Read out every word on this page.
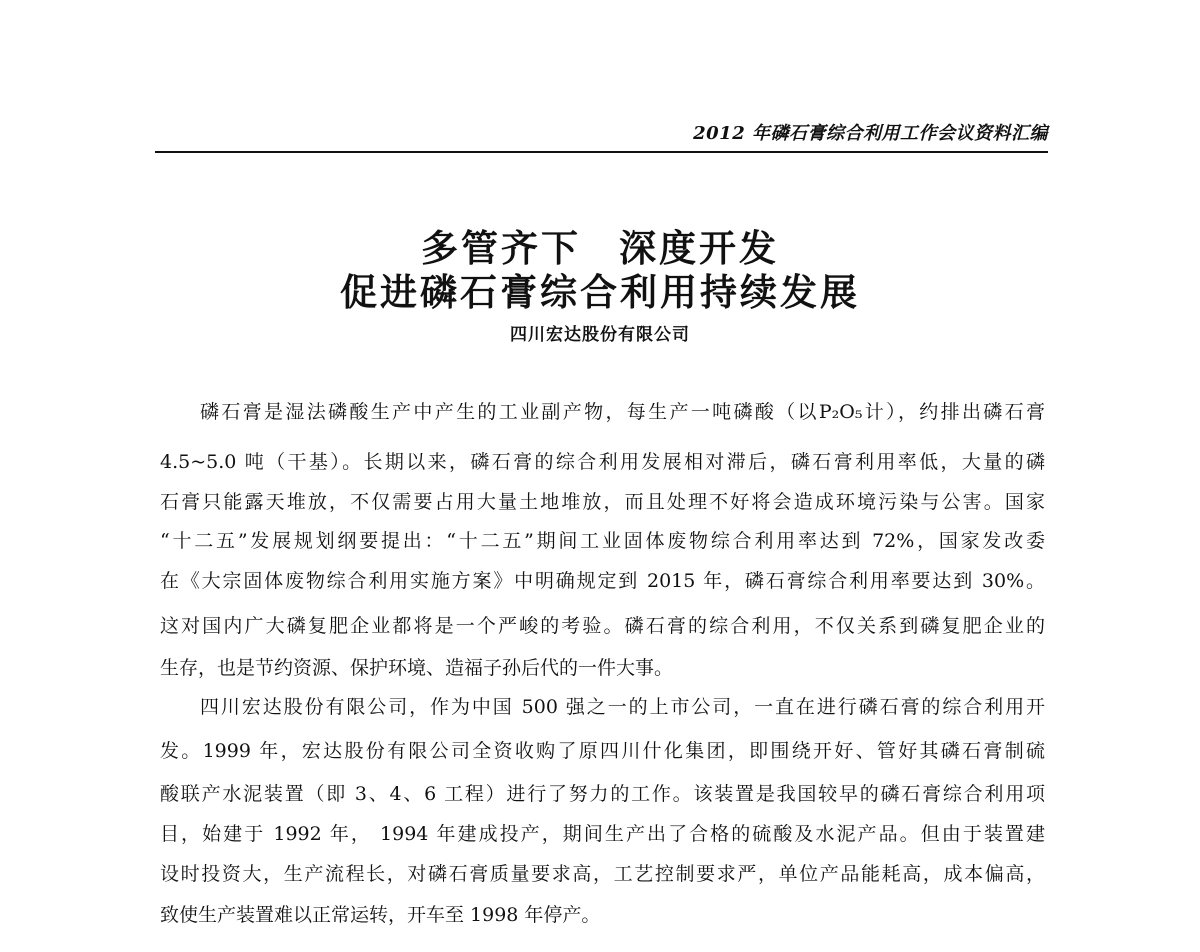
2012 年磷石膏综合利用工作会议资料汇编
多管齐下 深度开发
促进磷石膏综合利用持续发展
四川宏达股份有限公司
磷石膏是湿法磷酸生产中产生的工业副产物，每生产一吨磷酸（以P₂O₅计），约排出磷石膏
4.5~5.0 吨（干基）。长期以来，磷石膏的综合利用发展相对滞后，磷石膏利用率低，大量的磷
石膏只能露天堆放，不仅需要占用大量土地堆放，而且处理不好将会造成环境污染与公害。国家
“十二五”发展规划纲要提出：“十二五”期间工业固体废物综合利用率达到 72%，国家发改委
在《大宗固体废物综合利用实施方案》中明确规定到 2015 年，磷石膏综合利用率要达到 30%。
这对国内广大磷复肥企业都将是一个严峻的考验。磷石膏的综合利用，不仅关系到磷复肥企业的
生存，也是节约资源、保护环境、造福子孙后代的一件大事。
四川宏达股份有限公司，作为中国 500 强之一的上市公司，一直在进行磷石膏的综合利用开
发。1999 年，宏达股份有限公司全资收购了原四川什化集团，即围绕开好、管好其磷石膏制硫
酸联产水泥装置（即 3、4、6 工程）进行了努力的工作。该装置是我国较早的磷石膏综合利用项
目，始建于 1992 年， 1994 年建成投产，期间生产出了合格的硫酸及水泥产品。但由于装置建
设时投资大，生产流程长，对磷石膏质量要求高，工艺控制要求严，单位产品能耗高，成本偏高，
致使生产装置难以正常运转，开车至 1998 年停产。
